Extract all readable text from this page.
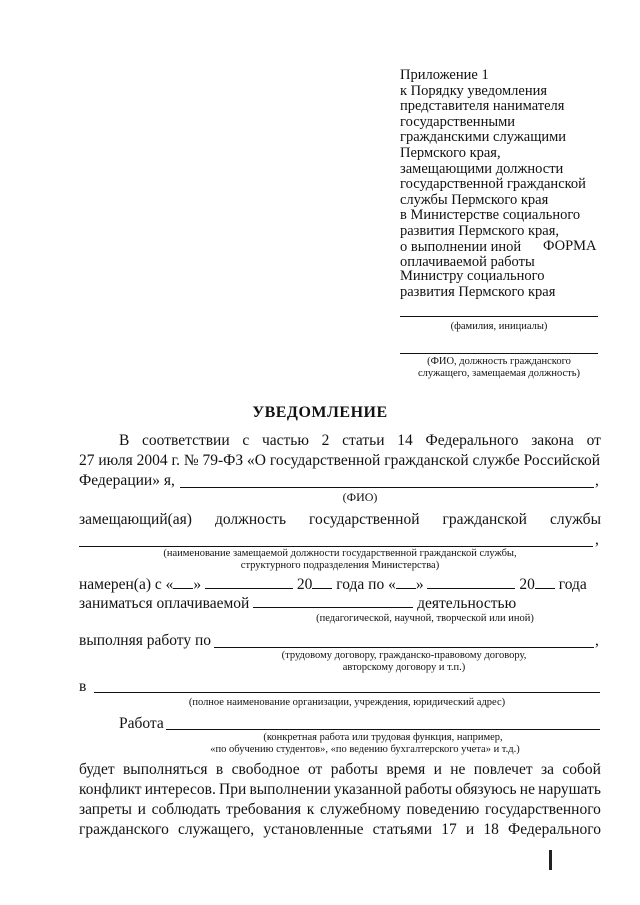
Приложение 1
к Порядку уведомления
представителя нанимателя
государственными
гражданскими служащими
Пермского края,
замещающими должности
государственной гражданской
службы Пермского края
в Министерстве социального
развития Пермского края,
о выполнении иной
оплачиваемой работы
ФОРМА
Министру социального
развития Пермского края
(фамилия, инициалы)
(ФИО, должность гражданского
служащего, замещаемая должность)
УВЕДОМЛЕНИЕ
В соответствии с частью 2 статьи 14 Федерального закона от
27 июля 2004 г. № 79-ФЗ «О государственной гражданской службе Российской
Федерации» я,	,
(ФИО)
замещающий(ая) должность государственной гражданской службы
,
(наименование замещаемой должности государственной гражданской службы,
структурного подразделения Министерства)
намерен(а) с « »	20 года по « »	20 года
заниматься оплачиваемой	деятельностью
(педагогической, научной, творческой или иной)
выполняя работу по	,
(трудовому договору, гражданско-правовому договору,
авторскому договору и т.п.)
в
(полное наименование организации, учреждения, юридический адрес)
Работа
(конкретная работа или трудовая функция, например,
«по обучению студентов», «по ведению бухгалтерского учета» и т.д.)
будет выполняться в свободное от работы время и не повлечет за собой
конфликт интересов. При выполнении указанной работы обязуюсь не нарушать
запреты и соблюдать требования к служебному поведению государственного
гражданского служащего, установленные статьями 17 и 18 Федерального
